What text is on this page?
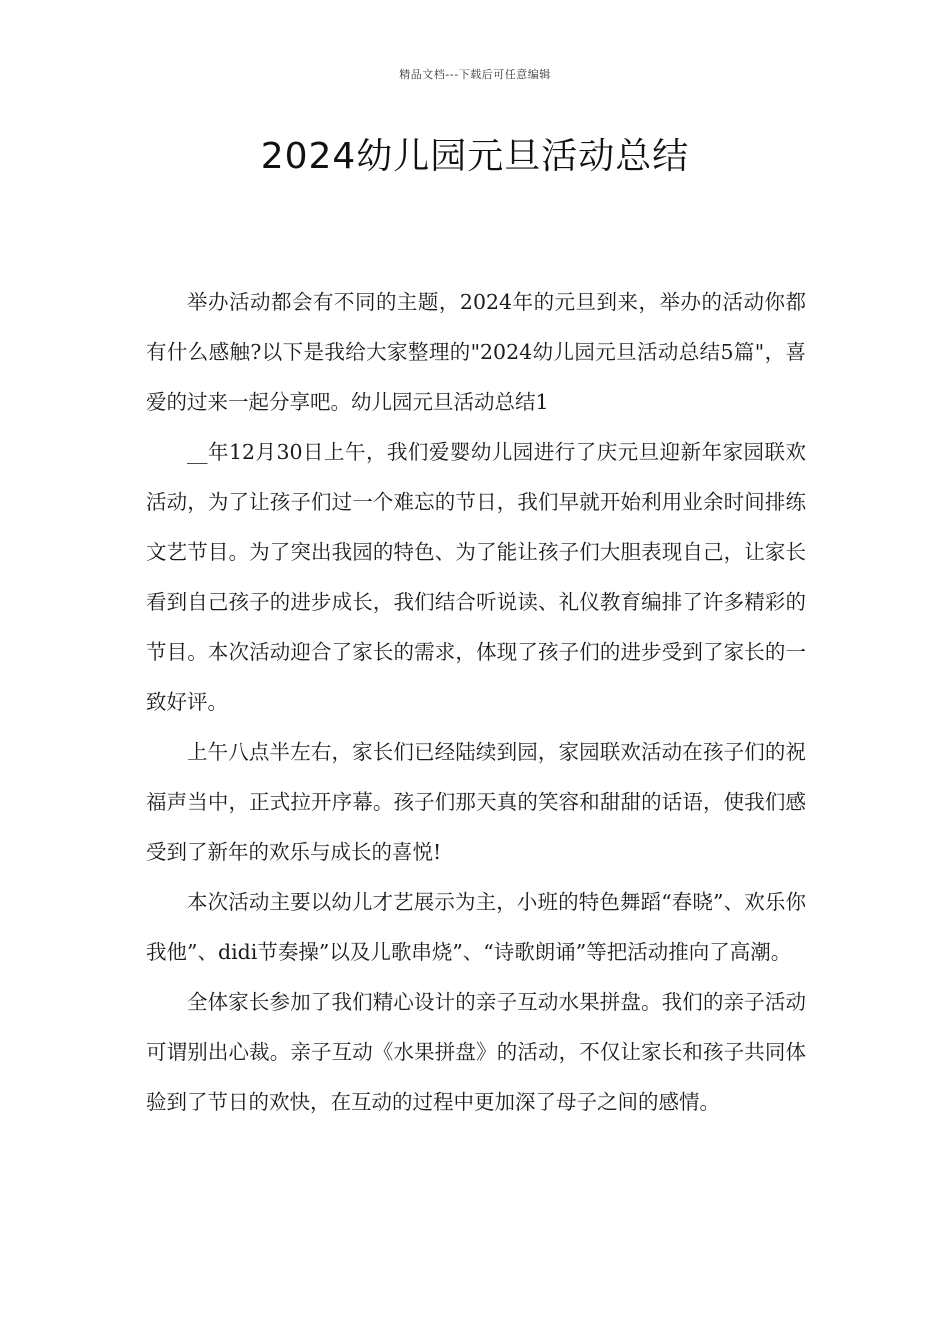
精品文档---下载后可任意编辑
2024幼儿园元旦活动总结

举办活动都会有不同的主题，2024年的元旦到来，举办的活动你都有什么感触?以下是我给大家整理的"2024幼儿园元旦活动总结5篇"，喜爱的过来一起分享吧。幼儿园元旦活动总结1

__年12月30日上午，我们爱婴幼儿园进行了庆元旦迎新年家园联欢活动，为了让孩子们过一个难忘的节日，我们早就开始利用业余时间排练文艺节目。为了突出我园的特色、为了能让孩子们大胆表现自己，让家长看到自己孩子的进步成长，我们结合听说读、礼仪教育编排了许多精彩的节目。本次活动迎合了家长的需求，体现了孩子们的进步受到了家长的一致好评。

上午八点半左右，家长们已经陆续到园，家园联欢活动在孩子们的祝福声当中，正式拉开序幕。孩子们那天真的笑容和甜甜的话语，使我们感受到了新年的欢乐与成长的喜悦!

本次活动主要以幼儿才艺展示为主，小班的特色舞蹈“春晓”、欢乐你我他”、didi节奏操”以及儿歌串烧”、“诗歌朗诵”等把活动推向了高潮。

全体家长参加了我们精心设计的亲子互动水果拼盘。我们的亲子活动可谓别出心裁。亲子互动《水果拼盘》的活动，不仅让家长和孩子共同体验到了节日的欢快，在互动的过程中更加深了母子之间的感情。
